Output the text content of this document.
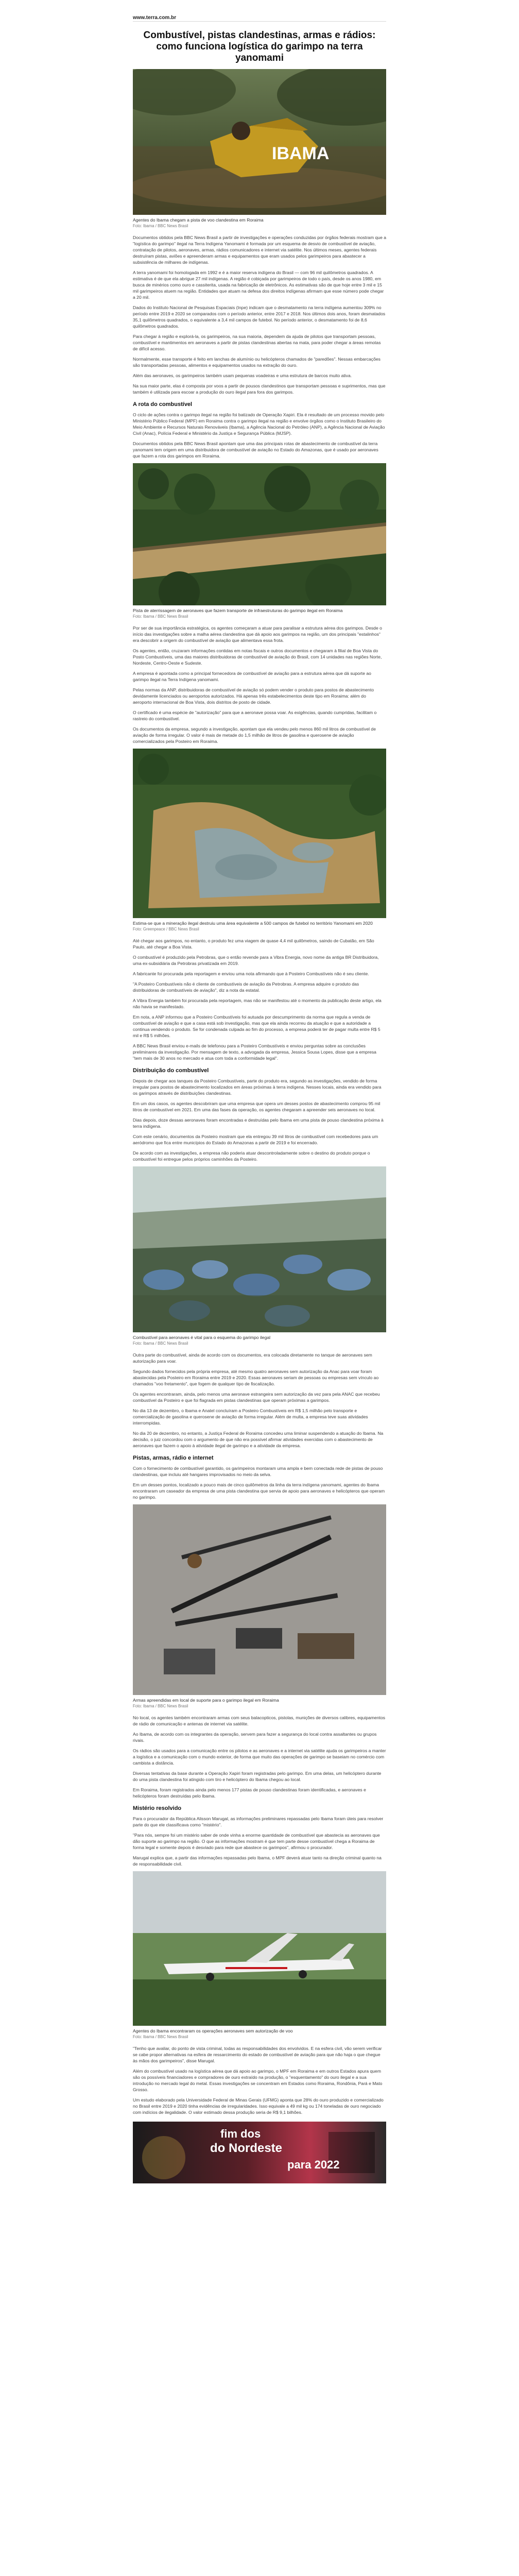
www.terra.com.br
Combustível, pistas clandestinas, armas e rádios: como funciona logística do garimpo na terra yanomami
IBAMA
Agentes do Ibama chegam a pista de voo clandestina em Roraima
Foto: Ibama / BBC News Brasil

Documentos obtidos pela BBC News Brasil a partir de investigações e operações conduzidas por órgãos federais mostram que a "logística do garimpo" ilegal na Terra Indígena Yanomami é formada por um esquema de desvio de combustível de aviação, contratação de pilotos, aeronaves, armas, rádios comunicadores e internet via satélite. Nos últimos meses, agentes federais destruíram pistas, aviões e apreenderam armas e equipamentos que eram usados pelos garimpeiros para abastecer a subsistência de milhares de indígenas.

A terra yanomami foi homologada em 1992 e é a maior reserva indígena do Brasil — com 96 mil quilômetros quadrados. A estimativa é de que ela abrigue 27 mil indígenas. A região é cobiçada por garimpeiros de todo o país, desde os anos 1980, em busca de minérios como ouro e cassiterita, usada na fabricação de eletrônicos. As estimativas são de que hoje entre 3 mil e 15 mil garimpeiros atuem na região. Entidades que atuam na defesa dos direitos indígenas afirmam que esse número pode chegar a 20 mil.

Dados do Instituto Nacional de Pesquisas Espaciais (Inpe) indicam que o desmatamento na terra indígena aumentou 309% no período entre 2019 e 2020 se comparados com o período anterior, entre 2017 e 2018. Nos últimos dois anos, foram desmatados 35,1 quilômetros quadrados, o equivalente a 3,4 mil campos de futebol. No período anterior, o desmatamento foi de 8,6 quilômetros quadrados.

Para chegar à região e explorá-la, os garimpeiros, na sua maioria, dependem da ajuda de pilotos que transportam pessoas, combustível e mantimentos em aeronaves a partir de pistas clandestinas abertas na mata, para poder chegar a áreas remotas de difícil acesso.

Normalmente, esse transporte é feito em lanchas de alumínio ou helicópteros chamados de "paredões". Nessas embarcações são transportadas pessoas, alimentos e equipamentos usados na extração do ouro.

Além das aeronaves, os garimpeiros também usam pequenas voadeiras e uma estrutura de barcos muito ativa.

Na sua maior parte, elas é composta por voos a partir de pousos clandestinos que transportam pessoas e suprimentos, mas que também é utilizada para escoar a produção do ouro ilegal para fora dos garimpos.

A rota do combustível

O ciclo de ações contra o garimpo ilegal na região foi batizado de Operação Xapiri. Ela é resultado de um processo movido pelo Ministério Público Federal (MPF) em Roraima contra o garimpo ilegal na região e envolve órgãos como o Instituto Brasileiro do Meio Ambiente e Recursos Naturais Renováveis (Ibama), a Agência Nacional do Petróleo (ANP), a Agência Nacional de Aviação Civil (Anac), Polícia Federal e Ministério da Justiça e Segurança Pública (MJSP).

Documentos obtidos pela BBC News Brasil apontam que uma das principais rotas de abastecimento de combustível da terra yanomami tem origem em uma distribuidora de combustível de aviação no Estado do Amazonas, que é usado por aeronaves que fazem a rota dos garimpos em Roraima.

Pista de aterrissagem de aeronaves que fazem transporte de infraestruturas do garimpo ilegal em Roraima
Foto: Ibama / BBC News Brasil

Por ser de sua importância estratégica, os agentes começaram a atuar para paralisar a estrutura aérea dos garimpos. Desde o início das investigações sobre a malha aérea clandestina que dá apoio aos garimpos na região, um dos principais "estalinhos" era descobrir a origem do combustível de aviação que alimentava essa frota.

Os agentes, então, cruzaram informações contidas em notas fiscais e outros documentos e chegaram à filial de Boa Vista do Posto Combustíveis, uma das maiores distribuidoras de combustível de aviação do Brasil, com 14 unidades nas regiões Norte, Nordeste, Centro-Oeste e Sudeste.

A empresa é apontada como a principal fornecedora de combustível de aviação para a estrutura aérea que dá suporte ao garimpo ilegal na Terra Indígena yanomami.

Pelas normas da ANP, distribuidoras de combustível de aviação só podem vender o produto para postos de abastecimento devidamente licenciados ou aeroportos autorizados. Há apenas três estabelecimentos deste tipo em Roraima: além do aeroporto internacional de Boa Vista, dois distritos de posto de cidade.

O certificado é uma espécie de "autorização" para que a aeronave possa voar. As exigências, quando cumpridas, facilitam o rastreio do combustível.

Os documentos da empresa, segundo a investigação, apontam que ela vendeu pelo menos 860 mil litros de combustível de aviação de forma irregular. O valor é mais de metade do 1,5 milhão de litros de gasolina e querosene de aviação comercializados pela Posteiro em Roraima.

Estima-se que a mineração ilegal destruiu uma área equivalente a 500 campos de futebol no território Yanomami em 2020
Foto: Greenpeace / BBC News Brasil

Até chegar aos garimpos, no entanto, o produto fez uma viagem de quase 4,4 mil quilômetros, saindo de Cubatão, em São Paulo, até chegar a Boa Vista.

O combustível é produzido pela Petrobras, que o então revende para a Vibra Energia, novo nome da antiga BR Distribuidora, uma ex-subsidiária da Petrobras privatizada em 2019.

A fabricante foi procurada pela reportagem e enviou uma nota afirmando que à Posteiro Combustíveis não é seu cliente.

"A Posteiro Combustíveis não é cliente de combustíveis de aviação da Petrobras. A empresa adquire o produto das distribuidoras de combustíveis de aviação", diz a nota da estatal.

A Vibra Energia também foi procurada pela reportagem, mas não se manifestou até o momento da publicação deste artigo, ela não havia se manifestado.

Em nota, a ANP informou que a Posteiro Combustíveis foi autuada por descumprimento da norma que regula a venda de combustível de aviação e que a casa está sob investigação, mas que ela ainda recorreu da atuação e que a autoridade a continua vendendo o produto. Se for condenada culpada ao fim do processo, a empresa poderá ter de pagar multa entre R$ 5 mil e R$ 5 milhões.

A BBC News Brasil enviou e-mails de telefonou para a Posteiro Combustíveis e enviou perguntas sobre as conclusões preliminares da investigação. Por mensagem de texto, a advogada da empresa, Jessica Sousa Lopes, disse que a empresa "tem mais de 30 anos no mercado e atua com toda a conformidade legal".

Distribuição do combustível

Depois de chegar aos tanques da Posteiro Combustíveis, parte do produto era, segundo as investigações, vendido de forma irregular para postos de abastecimento localizados em áreas próximas à terra indígena. Nesses locais, ainda era vendido para os garimpos através de distribuições clandestinas.

Em um dos casos, os agentes descobriram que uma empresa que opera um desses postos de abastecimento comprou 95 mil litros de combustível em 2021. Em uma das fases da operação, os agentes chegaram a apreender seis aeronaves no local.

Dias depois, doze dessas aeronaves foram encontradas e destruídas pelo Ibama em uma pista de pouso clandestina próxima à terra indígena.

Com este cenário, documentos da Posteiro mostram que ela entregou 39 mil litros de combustível com recebedores para um aeródromo que fica entre municípios do Estado do Amazonas a partir de 2019 e foi encerrado.

De acordo com as investigações, a empresa não poderia atuar descontroladamente sobre o destino do produto porque o combustível foi entregue pelos próprios caminhões da Posteiro.

Combustível para aeronaves é vital para o esquema do garimpo ilegal
Foto: Ibama / BBC News Brasil

Outra parte do combustível, ainda de acordo com os documentos, era colocada diretamente no tanque de aeronaves sem autorização para voar.

Segundo dados fornecidos pela própria empresa, até mesmo quatro aeronaves sem autorização da Anac para voar foram abastecidas pela Posteiro em Roraima entre 2019 e 2020. Essas aeronaves seriam de pessoas ou empresas sem vínculo ao chamados "voo fretamento", que fogem de qualquer tipo de fiscalização.

Os agentes encontraram, ainda, pelo menos uma aeronave estrangeira sem autorização da vez para pela ANAC que recebeu combustível da Posteiro e que foi flagrada em pistas clandestinas que operam próximas a garimpos.

No dia 13 de dezembro, o Ibama e Anatel concluíram a Posteiro Combustíveis em R$ 1,5 milhão pelo transporte e comercialização de gasolina e querosene de aviação de forma irregular. Além de multa, a empresa teve suas atividades interrompidas.

No dia 20 de dezembro, no entanto, a Justiça Federal de Roraima concedeu uma liminar suspendendo a atuação do Ibama. Na decisão, o juiz concordou com o argumento de que não era possível afirmar atividades exercidas com o abastecimento de aeronaves que fazem o apoio à atividade ilegal de garimpo e a atividade da empresa.

Pistas, armas, rádio e internet

Com o fornecimento de combustível garantido, os garimpeiros montaram uma ampla e bem conectada rede de pistas de pouso clandestinas, que incluiu até hangares improvisados no meio da selva.

Em um desses pontos, localizado a pouco mais de cinco quilômetros da linha da terra indígena yanomami, agentes do Ibama encontraram um caseador da empresa de uma pista clandestina que servia de apoio para aeronaves e helicópteros que operam no garimpo.

Armas apreendidas em local de suporte para o garimpo ilegal em Roraima
Foto: Ibama / BBC News Brasil

No local, os agentes também encontraram armas com seus balacopticos, pistolas, munições de diversos calibres, equipamentos de rádio de comunicação e antenas de internet via satélite.

Ao Ibama, de acordo com os integrantes da operação, servem para fazer a segurança do local contra assaltantes ou grupos rivais.

Os rádios são usados para a comunicação entre os pilotos e as aeronaves e a internet via satélite ajuda os garimpeiros a manter a logística e a comunicação com o mundo exterior, de forma que muito das operações de garimpo se baseiam no comércio com cambista a distância.

Diversas tentativas da base durante a Operação Xapiri foram registradas pelo garimpo. Em uma delas, um helicóptero durante do uma pista clandestina foi atingido com tiro e helicóptero do Ibama chegou ao local.

Em Roraima, foram registrados ainda pelo menos 177 pistas de pouso clandestinas foram identificadas, e aeronaves e helicópteros foram destruídas pelo Ibama.

Mistério resolvido

Para o procurador da República Alisson Marugal, as informações preliminares repassadas pelo Ibama foram úteis para resolver parte do que ele classificava como "mistério".

"Para nós, sempre foi um mistério saber de onde vinha a enorme quantidade de combustível que abastecia as aeronaves que dão suporte ao garimpo na região. O que as informações mostram é que tem parte desse combustível chega a Roraima de forma legal e somente depois é desviado para rede que abastece os garimpos", afirmou o procurador.

Marugal explica que, a partir das informações repassadas pelo Ibama, o MPF deverá atuar tanto na direção criminal quanto na de responsabilidade civil.

Agentes do Ibama encontraram os operações aeronaves sem autorização de voo
Foto: Ibama / BBC News Brasil

"Tenho que avaliar, do ponto de vista criminal, todas as responsabilidades dos envolvidos. E na esfera civil, vão serem verificar se cabe propor alternativas na esfera de ressarcimento do estado de combustível de aviação para que não haja o que chegue às mãos dos garimpeiros", disse Marugal.

Além do combustível usado na logística aérea que dá apoio ao garimpo, o MPF em Roraima e em outros Estados apura quem são os possíveis financiadores e compradores de ouro extraído na produção, o "esquentamento" do ouro ilegal e a sua introdução no mercado legal do metal. Essas investigações se concentram em Estados como Roraima, Rondônia, Pará e Mato Grosso.

Um estudo elaborado pela Universidade Federal de Minas Gerais (UFMG) aponta que 28% do ouro produzido e comercializado no Brasil entre 2019 e 2020 tinha evidências de irregularidades. Isso equivale a 49 mil kg ou 174 toneladas de ouro negociado com indícios de ilegalidade. O valor estimado dessa produção seria de R$ 9,1 bilhões.

fim dos
do Nordeste
para 2022
